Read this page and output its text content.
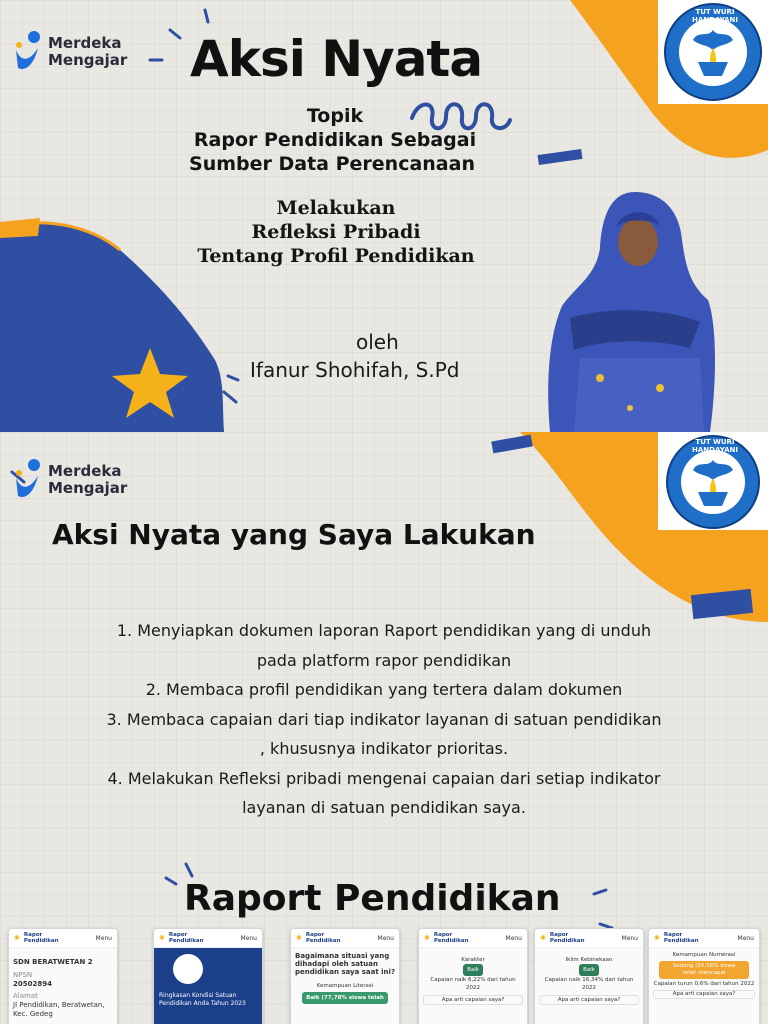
Merdeka
Mengajar
TUT WURI HANDAYANI
Aksi Nyata
Topik
Rapor Pendidikan Sebagai
Sumber Data Perencanaan
Melakukan
Refleksi Pribadi
Tentang Profil Pendidikan
oleh
Ifanur Shohifah, S.Pd
Merdeka
Mengajar
TUT WURI HANDAYANI
Aksi Nyata yang Saya Lakukan
1. Menyiapkan dokumen laporan Raport pendidikan yang di unduh
pada platform rapor pendidikan
2. Membaca profil pendidikan yang tertera dalam dokumen
3. Membaca capaian dari tiap indikator layanan di satuan pendidikan
, khususnya indikator prioritas.
4. Melakukan Refleksi pribadi mengenai capaian dari setiap indikator
layanan di satuan pendidikan saya.
Raport Pendidikan
✺ Rapor
Pendidikan	Menu
SDN BERATWETAN 2
NPSN
20502894
Alamat
Jl Pendidikan, Beratwetan, Kec. Gedeg
✺ Rapor
Pendidikan	Menu
Ringkasan Kondisi Satuan
Pendidikan Anda Tahun 2023
✺ Rapor
Pendidikan	Menu
Bagaimana situasi yang
dihadapi oleh satuan
pendidikan saya saat ini?
Kemampuan Literasi
Baik (77,78% siswa telah
✺ Rapor
Pendidikan	Menu
Karakter
Baik
Capaian naik 6,22% dari tahun 2022
Apa arti capaian saya?
✺ Rapor
Pendidikan	Menu
Iklim Kebinekaan
Baik
Capaian naik 16,34% dari tahun 2022
Apa arti capaian saya?
✺ Rapor
Pendidikan	Menu
Kemampuan Numerasi
Sedang (55,56% siswa
telah mencapai
Capaian turun 0,6% dari tahun 2022
Apa arti capaian saya?
